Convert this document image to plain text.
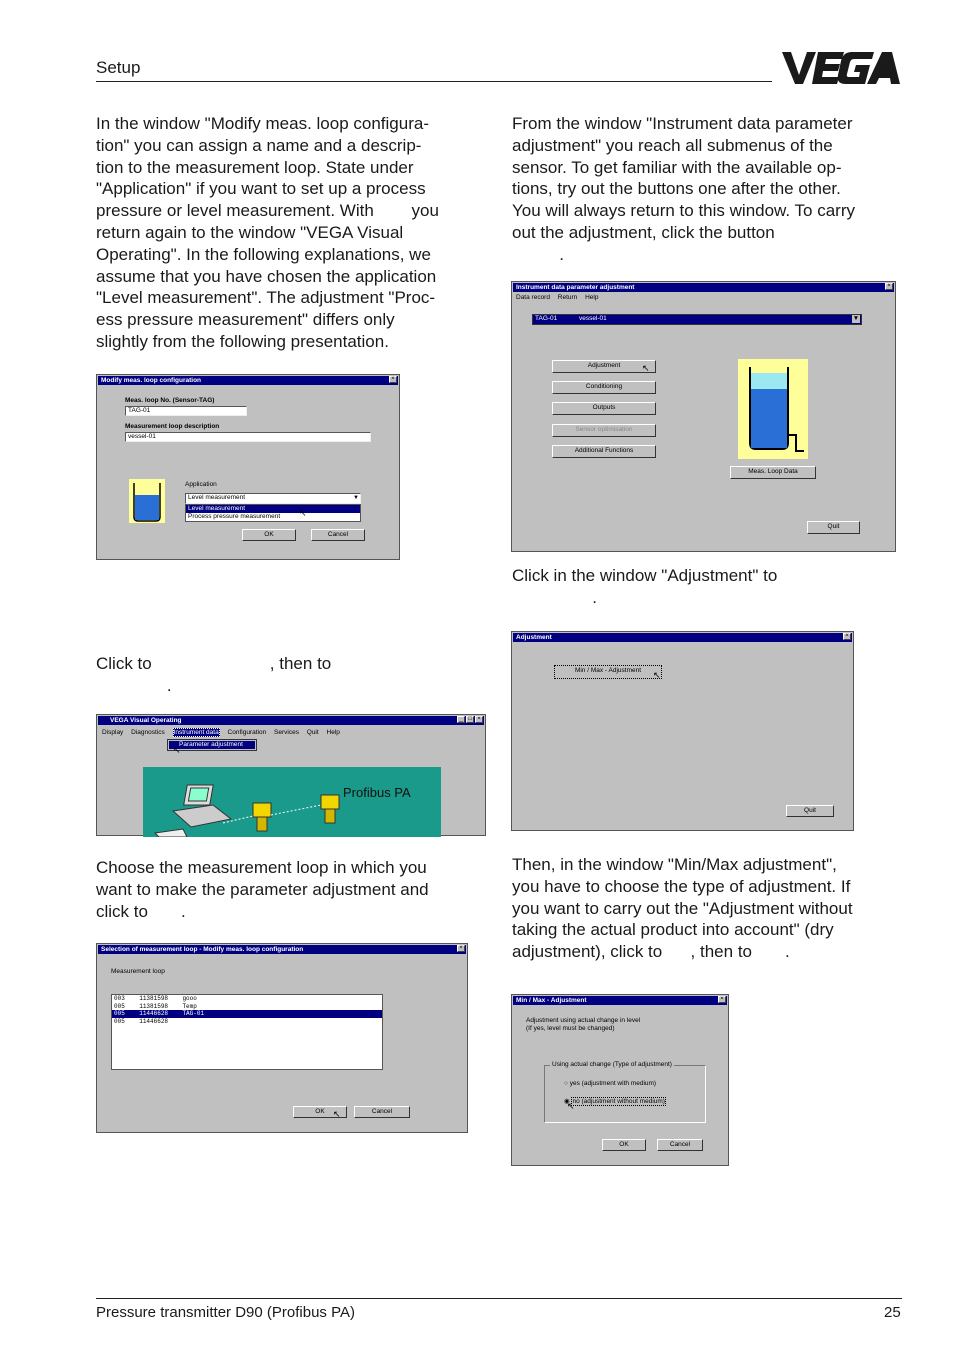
Setup

In the window "Modify meas. loop configura-

tion" you can assign a name and a descrip-

tion to the measurement loop. State under

"Application" if you want to set up a process

pressure or level measurement. With        you

return again to the window "VEGA Visual

Operating". In the following explanations, we

assume that you have chosen the application

"Level measurement". The adjustment "Proc-

ess pressure measurement" differs only

slightly from the following presentation.

Modify meas. loop configuration	×
Meas. loop No. (Sensor-TAG)
TAG-01
Measurement loop description
vessel-01
Application
Level measurement	▼
Level measurement
Process pressure measurement	↖
OK	Cancel

Click to                         , then to

.

VEGA Visual Operating	_ □ ×
Display Diagnostics Instrument data Configuration Services Quit Help
Profibus PA
Parameter adjustment
↖

Choose the measurement loop in which you

want to make the parameter adjustment and

click to       .

Selection of measurement loop - Modify meas. loop configuration	×
Measurement loop
003 11381598 gooo
005 11381598 Temp
005 11446628 TAG-01
005 11446628
OK ↖	Cancel

From the window "Instrument data parameter

adjustment" you reach all submenus of the

sensor. To get familiar with the available op-

tions, try out the buttons one after the other.

You will always return to this window. To carry

out the adjustment, click the button

.

Instrument data parameter adjustment	×
Data record Return Help
TAG-01	vessel-01	▼
Adjustment	↖
Conditioning
Outputs
Sensor optimisation
Additional Functions
Meas. Loop Data
Quit

Click in the window "Adjustment" to

.

Adjustment	×
Min / Max - Adjustment	↖
Quit

Then, in the window "Min/Max adjustment",

you have to choose the type of adjustment. If

you want to carry out the "Adjustment without

taking the actual product into account" (dry

adjustment), click to      , then to       .

Min / Max - Adjustment	×
Adjustment using actual change in level
(If yes, level must be changed)
Using actual change (Type of adjustment)
○ yes (adjustment with medium)
◉ no (adjustment without medium)
↖
OK	Cancel
Pressure transmitter D90 (Profibus PA)	25
